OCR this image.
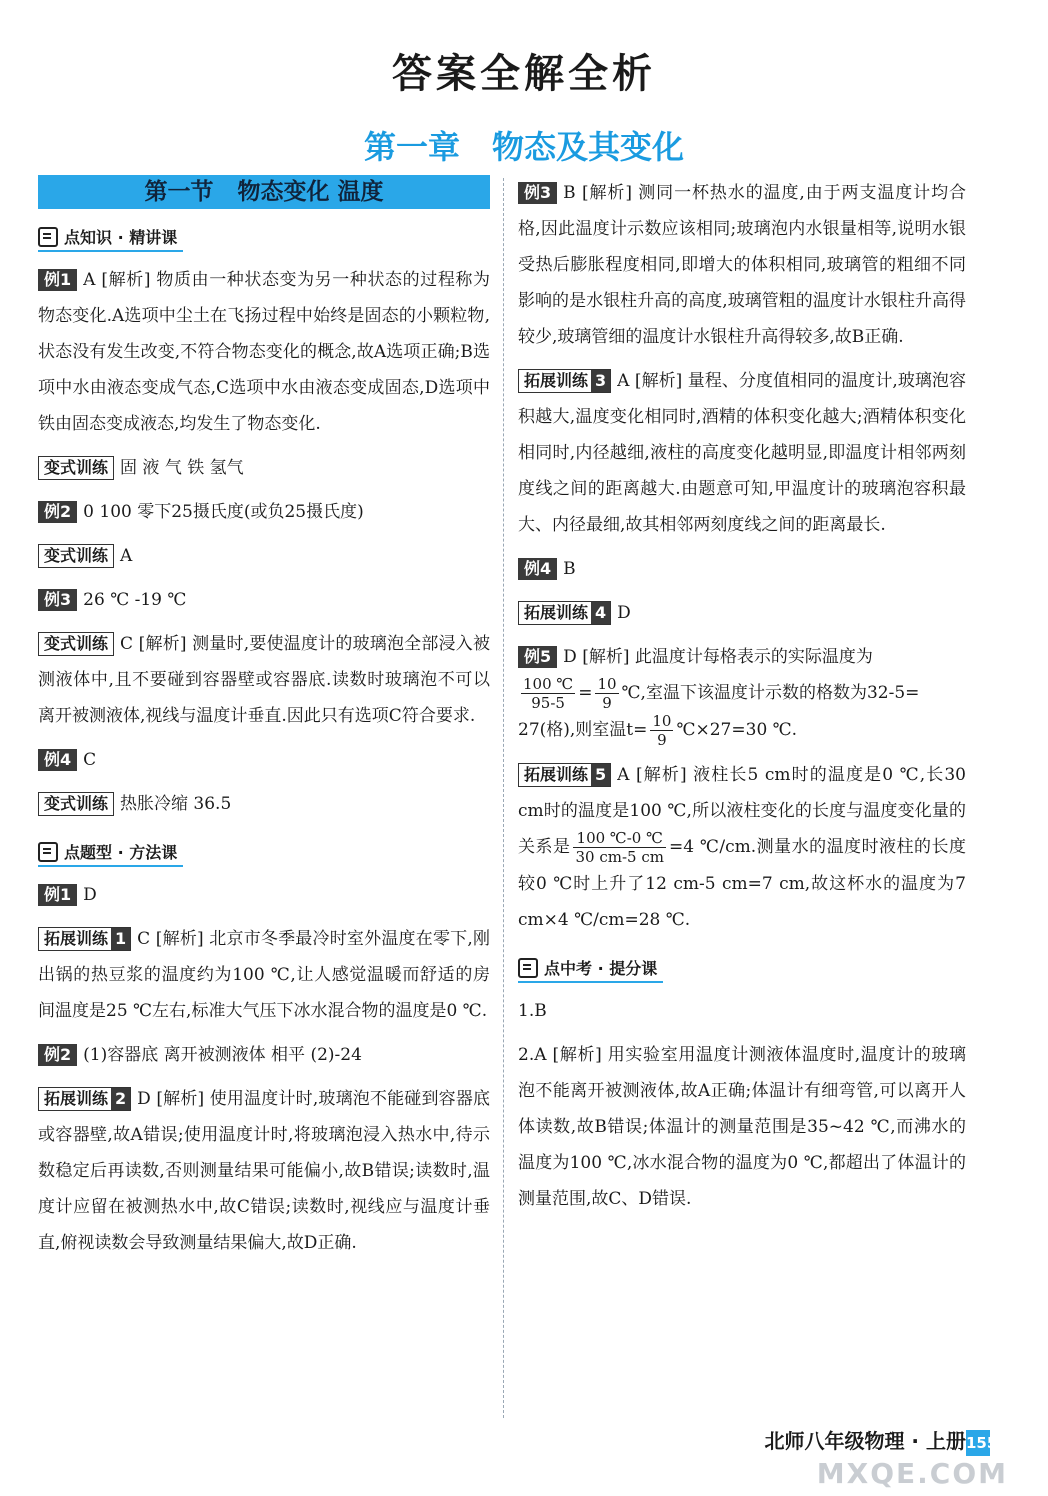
答案全解全析
第一章 物态及其变化
第一节 物态变化 温度
点知识 · 精讲课

例1 A [解析] 物质由一种状态变为另一种状态的过程称为物态变化.A选项中尘土在飞扬过程中始终是固态的小颗粒物,状态没有发生改变,不符合物态变化的概念,故A选项正确;B选项中水由液态变成气态,C选项中水由液态变成固态,D选项中铁由固态变成液态,均发生了物态变化.

变式训练 固 液 气 铁 氢气

例2 0 100 零下25摄氏度(或负25摄氏度)

变式训练 A

例3 26 ℃ -19 ℃

变式训练 C [解析] 测量时,要使温度计的玻璃泡全部浸入被测液体中,且不要碰到容器壁或容器底.读数时玻璃泡不可以离开被测液体,视线与温度计垂直.因此只有选项C符合要求.

例4 C

变式训练 热胀冷缩 36.5

点题型 · 方法课

例1 D

拓展训练 1 C [解析] 北京市冬季最冷时室外温度在零下,刚出锅的热豆浆的温度约为100 ℃,让人感觉温暖而舒适的房间温度是25 ℃左右,标准大气压下冰水混合物的温度是0 ℃.

例2 (1)容器底 离开被测液体 相平 (2)-24

拓展训练 2 D [解析] 使用温度计时,玻璃泡不能碰到容器底或容器壁,故A错误;使用温度计时,将玻璃泡浸入热水中,待示数稳定后再读数,否则测量结果可能偏小,故B错误;读数时,温度计应留在被测热水中,故C错误;读数时,视线应与温度计垂直,俯视读数会导致测量结果偏大,故D正确.

例3 B [解析] 测同一杯热水的温度,由于两支温度计均合格,因此温度计示数应该相同;玻璃泡内水银量相等,说明水银受热后膨胀程度相同,即增大的体积相同,玻璃管的粗细不同影响的是水银柱升高的高度,玻璃管粗的温度计水银柱升高得较少,玻璃管细的温度计水银柱升高得较多,故B正确.

拓展训练 3 A [解析] 量程、分度值相同的温度计,玻璃泡容积越大,温度变化相同时,酒精的体积变化越大;酒精体积变化相同时,内径越细,液柱的高度变化越明显,即温度计相邻两刻度线之间的距离越大.由题意可知,甲温度计的玻璃泡容积最大、内径最细,故其相邻两刻度线之间的距离最长.

例4 B

拓展训练 4 D

例5 D [解析] 此温度计每格表示的实际温度为

$\frac{100 ℃}{95-5} = \frac{10}{9}$ ℃,室温下该温度计示数的格数为32-5=
27(格),则室温$t= \frac{10}{9}$ ℃×27=30 ℃.

拓展训练 5 A [解析] 液柱长5 cm时的温度是0 ℃,长30 cm时的温度是100 ℃,所以液柱变化的长度与温度变化量的关系是 $\frac{100 ℃-0 ℃}{30 cm-5 cm} =4$ ℃/cm.测量水的温度时液柱的长度较0 ℃时上升了12 cm-5 cm=7 cm,故这杯水的温度为7 cm×4 ℃/cm=28 ℃.

点中考 · 提分课

1.B

2.A [解析] 用实验室用温度计测液体温度时,温度计的玻璃泡不能离开被测液体,故A正确;体温计有细弯管,可以离开人体读数,故B错误;体温计的测量范围是35~42 ℃,而沸水的温度为100 ℃,冰水混合物的温度为0 ℃,都超出了体温计的测量范围,故C、D错误.

北师八年级物理 · 上册 155
MXQE.COM
